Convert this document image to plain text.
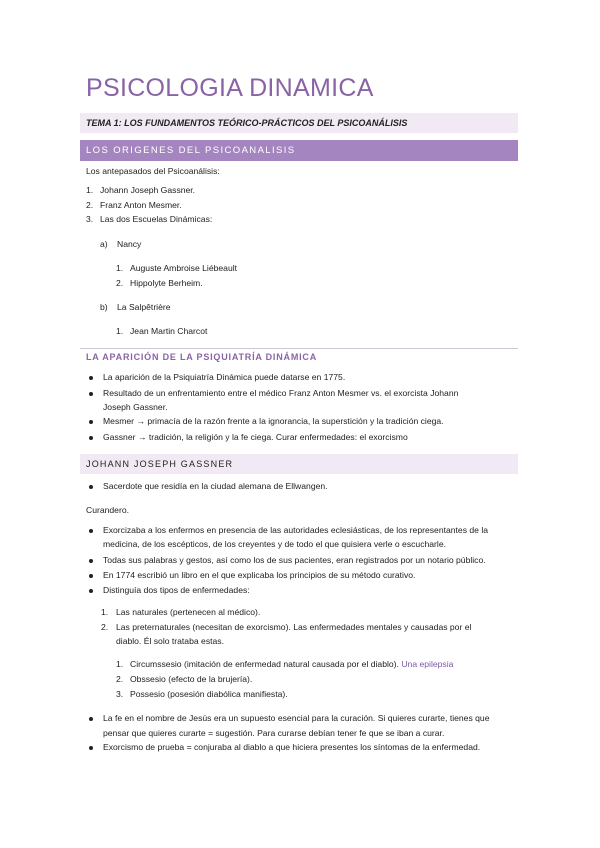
PSICOLOGIA DINAMICA
TEMA 1: LOS FUNDAMENTOS TEÓRICO-PRÁCTICOS DEL PSICOANÁLISIS
LOS ORIGENES DEL PSICOANALISIS
Los antepasados del Psicoanálisis:
1. Johann Joseph Gassner.
2. Franz Anton Mesmer.
3. Las dos Escuelas Dinámicas:
a) Nancy
1. Auguste Ambroise Liébeault
2. Hippolyte Berheim.
b) La Salpêtrière
1. Jean Martin Charcot
LA APARICIÓN DE LA PSIQUIATRÍA DINÁMICA
La aparición de la Psiquiatría Dinámica puede datarse en 1775.
Resultado de un enfrentamiento entre el médico Franz Anton Mesmer vs. el exorcista Johann
Joseph Gassner.
Mesmer → primacía de la razón frente a la ignorancia, la superstición y la tradición ciega.
Gassner → tradición, la religión y la fe ciega. Curar enfermedades: el exorcismo
JOHANN JOSEPH GASSNER
Sacerdote que residía en la ciudad alemana de Ellwangen.
Curandero.
Exorcizaba a los enfermos en presencia de las autoridades eclesiásticas, de los representantes de la
medicina, de los escépticos, de los creyentes y de todo el que quisiera verle o escucharle.
Todas sus palabras y gestos, así como los de sus pacientes, eran registrados por un notario público.
En 1774 escribió un libro en el que explicaba los principios de su método curativo.
Distinguía dos tipos de enfermedades:
1. Las naturales (pertenecen al médico).
2. Las preternaturales (necesitan de exorcismo). Las enfermedades mentales y causadas por el
diablo. Él solo trataba estas.
1. Circumssesio (imitación de enfermedad natural causada por el diablo). Una epilepsia
2. Obssesio (efecto de la brujería).
3. Possesio (posesión diabólica manifiesta).
La fe en el nombre de Jesús era un supuesto esencial para la curación. Si quieres curarte, tienes que
pensar que quieres curarte = sugestión. Para curarse debían tener fe que se iban a curar.
Exorcismo de prueba = conjuraba al diablo a que hiciera presentes los síntomas de la enfermedad.
